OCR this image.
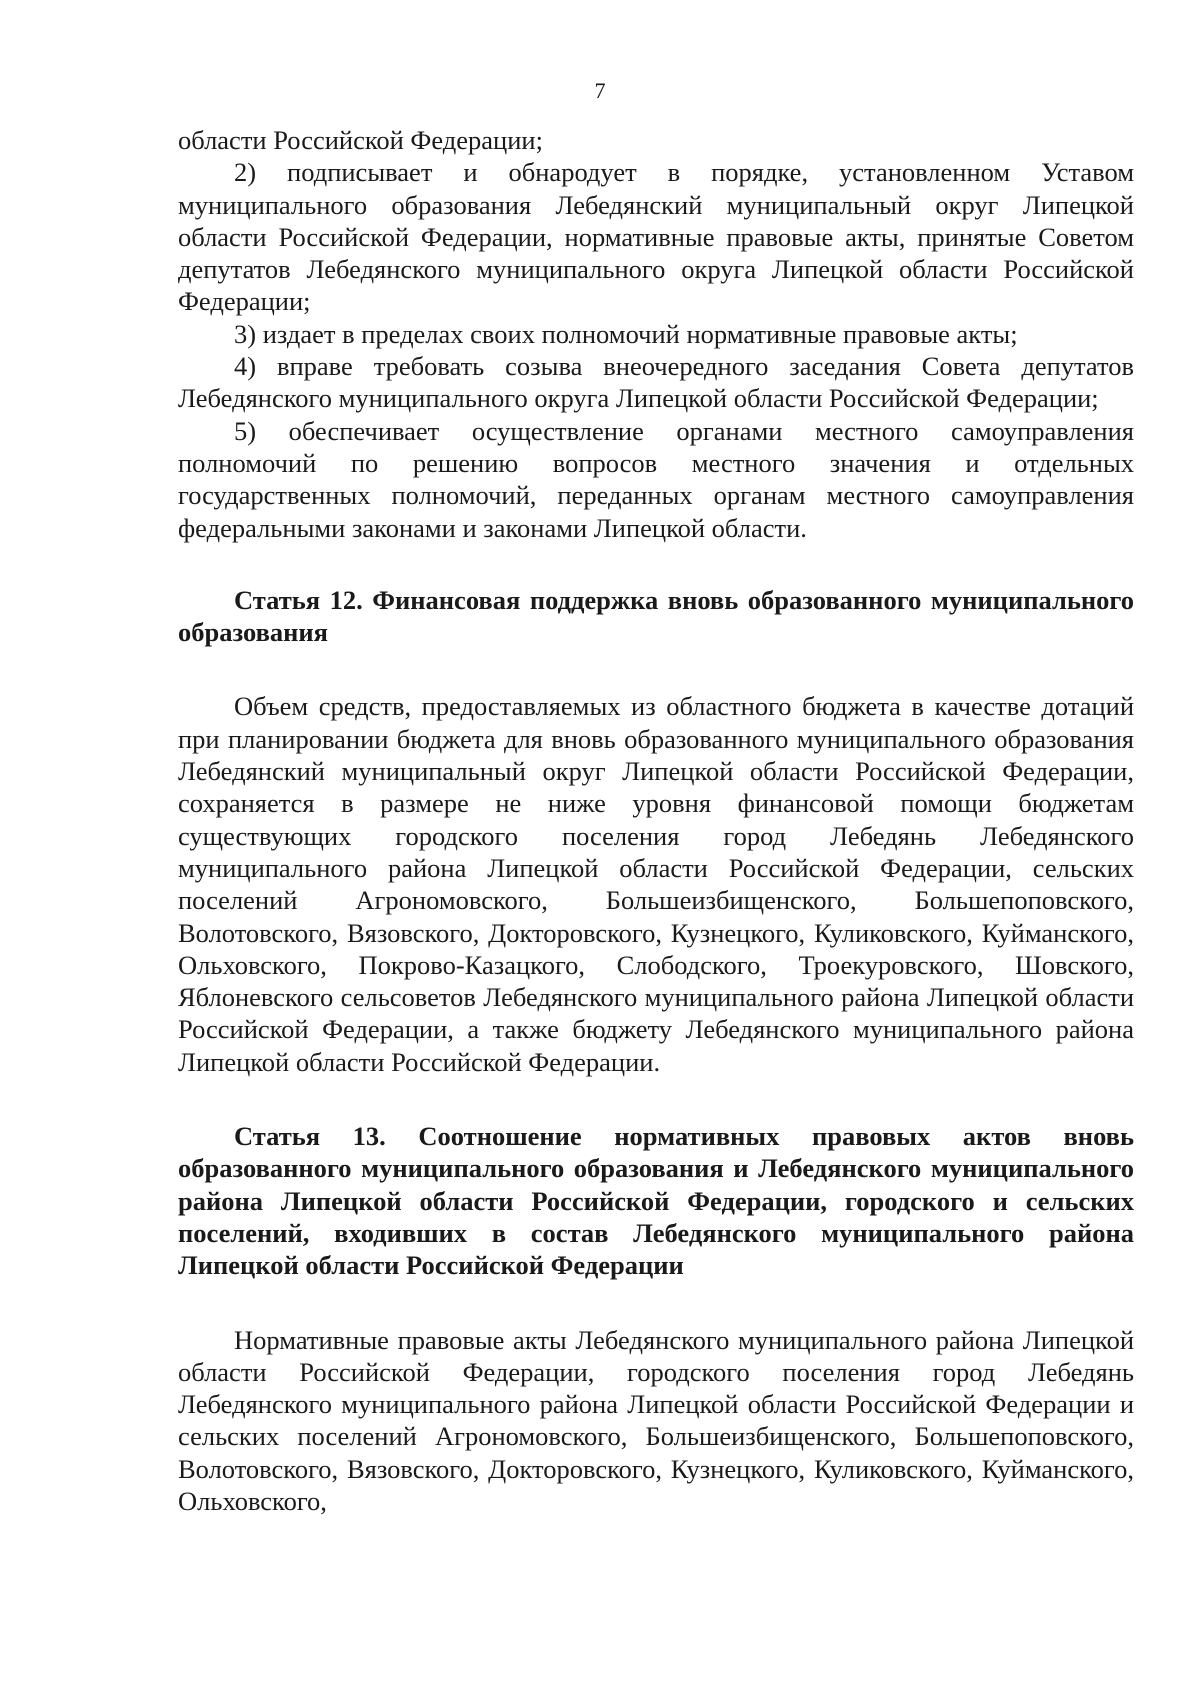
7

области Российской Федерации;

2) подписывает и обнародует в порядке, установленном Уставом муниципального образования Лебедянский муниципальный округ Липецкой области Российской Федерации, нормативные правовые акты, принятые Советом депутатов Лебедянского муниципального округа Липецкой области Российской Федерации;

3) издает в пределах своих полномочий нормативные правовые акты;

4) вправе требовать созыва внеочередного заседания Совета депутатов Лебедянского муниципального округа Липецкой области Российской Федерации;

5) обеспечивает осуществление органами местного самоуправления полномочий по решению вопросов местного значения и отдельных государственных полномочий, переданных органам местного самоуправления федеральными законами и законами Липецкой области.

Статья 12. Финансовая поддержка вновь образованного муниципального образования

Объем средств, предоставляемых из областного бюджета в качестве дотаций при планировании бюджета для вновь образованного муниципального образования Лебедянский муниципальный округ Липецкой области Российской Федерации, сохраняется в размере не ниже уровня финансовой помощи бюджетам существующих городского поселения город Лебедянь Лебедянского муниципального района Липецкой области Российской Федерации, сельских поселений Агрономовского, Большеизбищенского, Большепоповского, Волотовского, Вязовского, Докторовского, Кузнецкого, Куликовского, Куйманского, Ольховского, Покрово-Казацкого, Слободского, Троекуровского, Шовского, Яблоневского сельсоветов Лебедянского муниципального района Липецкой области Российской Федерации, а также бюджету Лебедянского муниципального района Липецкой области Российской Федерации.

Статья 13. Соотношение нормативных правовых актов вновь образованного муниципального образования и Лебедянского муниципального района Липецкой области Российской Федерации, городского и сельских поселений, входивших в состав Лебедянского муниципального района Липецкой области Российской Федерации

Нормативные правовые акты Лебедянского муниципального района Липецкой области Российской Федерации, городского поселения город Лебедянь Лебедянского муниципального района Липецкой области Российской Федерации и сельских поселений Агрономовского, Большеизбищенского, Большепоповского, Волотовского, Вязовского, Докторовского, Кузнецкого, Куликовского, Куйманского, Ольховского,
